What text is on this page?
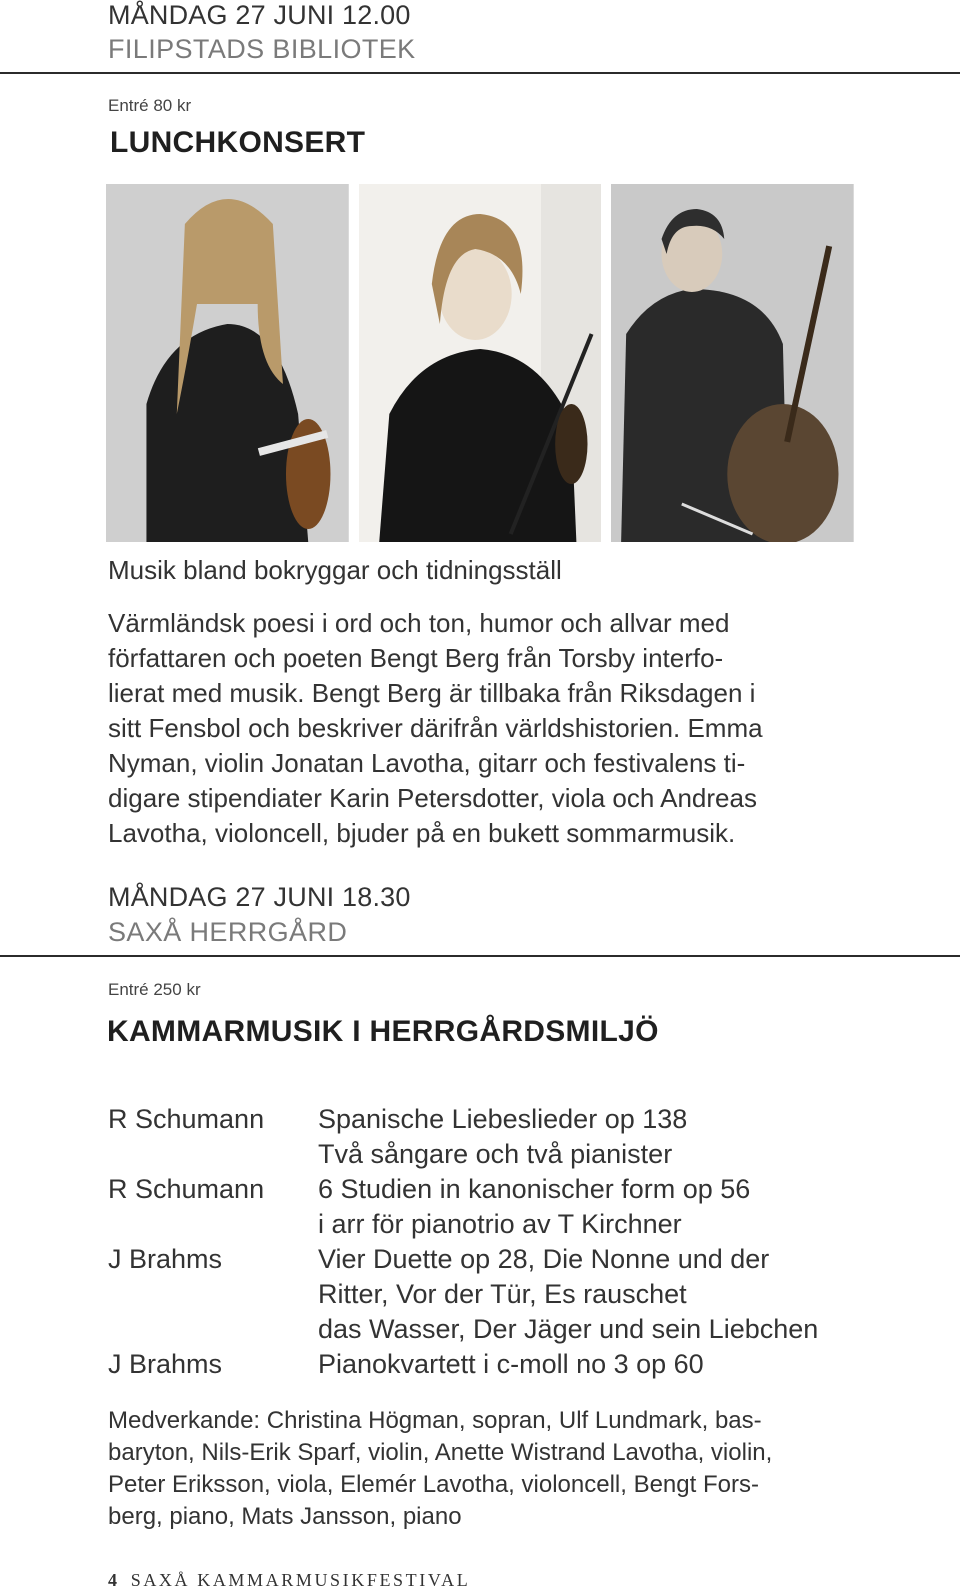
MÅNDAG 27 JUNI 12.00
FILIPSTADS BIBLIOTEK
Entré 80 kr
LUNCHKONSERT
Musik bland bokryggar och tidningsställ
Värmländsk poesi i ord och ton, humor och allvar med
författaren och poeten Bengt Berg från Torsby interfo-
lierat med musik. Bengt Berg är tillbaka från Riksdagen i
sitt Fensbol och beskriver därifrån världshistorien. Emma
Nyman, violin Jonatan Lavotha, gitarr och festivalens ti-
digare stipendiater Karin Petersdotter, viola och Andreas
Lavotha, violoncell, bjuder på en bukett sommarmusik.
MÅNDAG 27 JUNI 18.30
SAXÅ HERRGÅRD
Entré 250 kr
KAMMARMUSIK I HERRGÅRDSMILJÖ
R Schumann	Spanische Liebeslieder op 138
Två sångare och två pianister
R Schumann	6 Studien in kanonischer form op 56
i arr för pianotrio av T Kirchner
J Brahms	Vier Duette op 28, Die Nonne und der
Ritter, Vor der Tür, Es rauschet
das Wasser, Der Jäger und sein Liebchen
J Brahms	Pianokvartett i c-moll no 3 op 60
Medverkande: Christina Högman, sopran, Ulf Lundmark, bas-
baryton, Nils-Erik Sparf, violin, Anette Wistrand Lavotha, violin,
Peter Eriksson, viola, Elemér Lavotha, violoncell, Bengt Fors-
berg, piano, Mats Jansson, piano
4 SAXÅ KAMMARMUSIKFESTIVAL
